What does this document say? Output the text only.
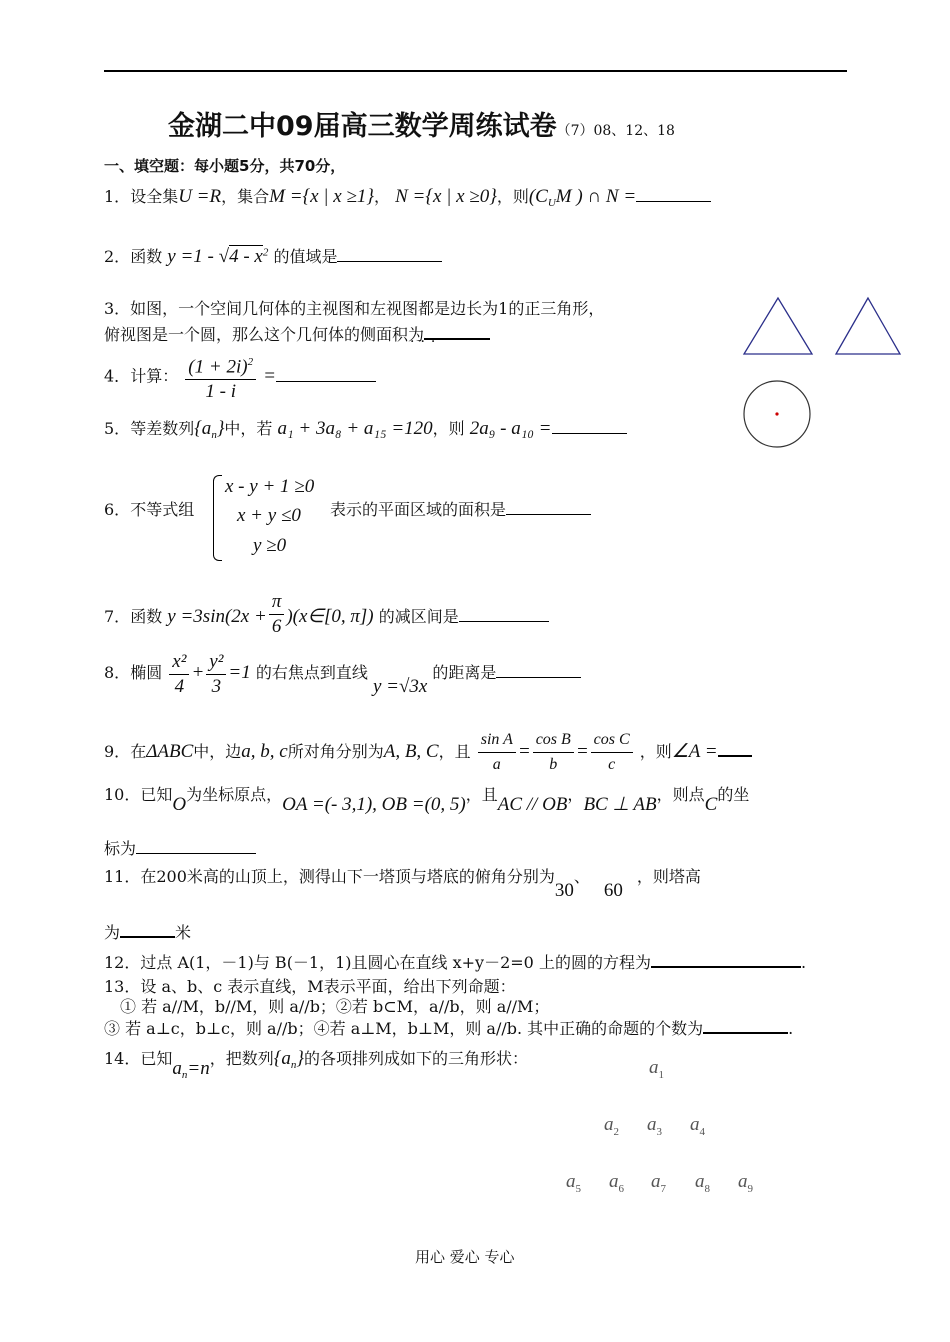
金湖二中09届高三数学周练试卷（7）08、12、18
一、填空题：每小题5分，共70分，
1．设全集U =R，集合M ={x | x ≥1}， N ={x | x ≥0}，则($C_UM$ ) ∩ N =
2．函数 $y =1 - √4 - x^2$ 的值域是
3．如图，一个空间几何体的主视图和左视图都是边长为1的正三角形，
俯视图是一个圆，那么这个几何体的侧面积为
···
4．计算： $\frac{(1 + 2i)^2}{1 - i}$ =
5．等差数列$\{a_n\}$中，若 a₁ + 3a₈ + a₁₅ =120，则 2a₉ - a₁₀ =
6．不等式组
x - y + 1 ≥0
x + y ≤0
y ≥0
表示的平面区域的面积是
7．函数 $y =3\sin(2x + \frac{\pi}{6}$ )(x∈[0, π]) 的减区间是
8．椭圆 $\frac{\text{x²}}{4} + \frac{\text{y²}}{3} =1$ 的右焦点到直线 y =√3x 的距离是
9．在ΔABC中，边a, b, c所对角分别为A, B, C，且 $\frac{\text{sin A}}{a} = \frac{\text{cos B}}{b} = \frac{\text{cos C}}{c}$ ，则∠A =
10．已知O为坐标原点，OA =(- 3,1), OB =(0, 5)，且AC // OB，BC ⊥ AB，则点C的坐
标为
11．在200米高的山顶上，测得山下一塔顶与塔底的俯角分别为30、60，则塔高
为	米
12．过点 A(1，－1)与 B(－1，1)且圆心在直线 x+y－2=0 上的圆的方程为	.
13．设 a、b、c 表示直线，M表示平面，给出下列命题：
① 若 a//M，b//M，则 a//b；②若 b⊂M，a//b，则 a//M；
③ 若 a⊥c，b⊥c，则 a//b；④若 a⊥M，b⊥M，则 a//b. 其中正确的命题的个数为	.
14．已知$a_n=n$，把数列$\{a_n\}$的各项排列成如下的三角形状：	$a_1$
$a_2$ $a_3$ $a_4$
$a_5$ $a_6$ $a_7$ $a_8$ $a_9$
用心 爱心 专心
